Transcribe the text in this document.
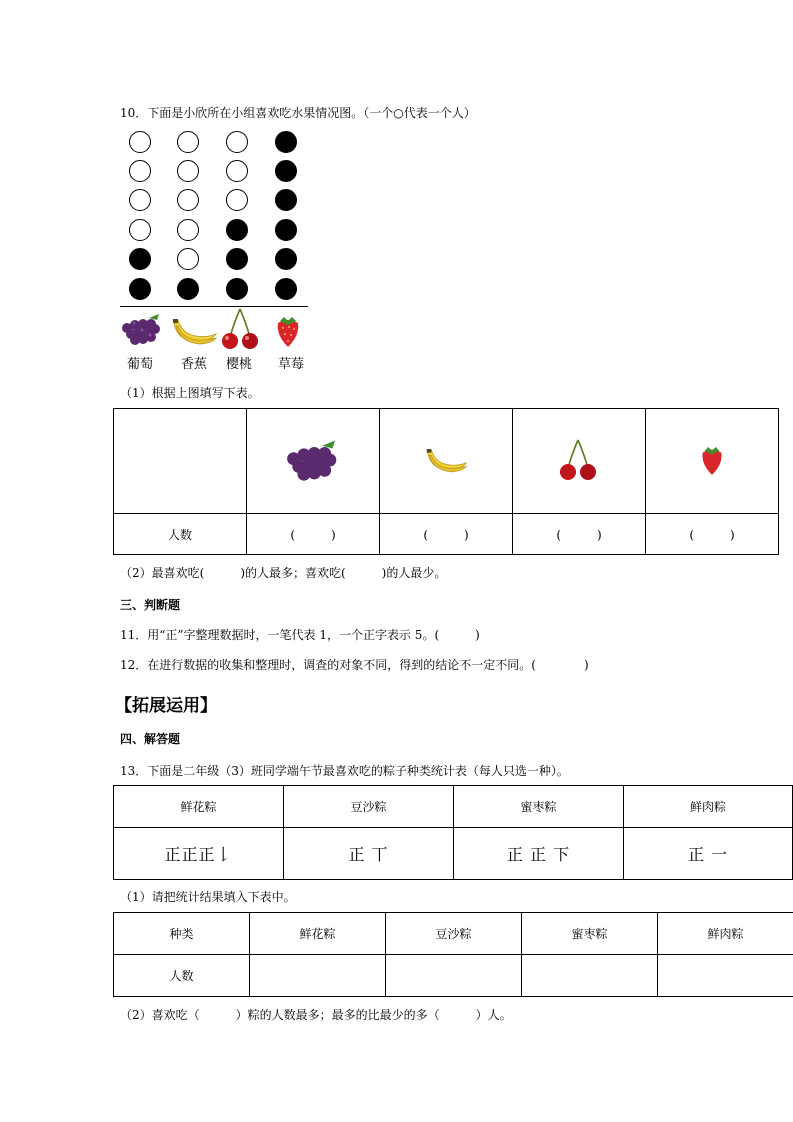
10．下面是小欣所在小组喜欢吃水果情况图。（一个○代表一个人）
葡萄	香蕉	樱桃	草莓
（1）根据上图填写下表。

人数	(　　　)	(　　　)	(　　　)	(　　　)
（2）最喜欢吃(　　　)的人最多；喜欢吃(　　　)的人最少。
三、判断题
11．用“正”字整理数据时，一笔代表 1，一个正字表示 5。(　　　)
12．在进行数据的收集和整理时，调查的对象不同，得到的结论不一定不同。(　　　　)
【拓展运用】
四、解答题
13．下面是二年级（3）班同学端午节最喜欢吃的粽子种类统计表（每人只选一种）。
鲜花粽	豆沙粽	蜜枣粽	鲜肉粽
正正正𠄌	正 丅	正 正 下	正 ⼀
（1）请把统计结果填入下表中。
种类	鲜花粽	豆沙粽	蜜枣粽	鲜肉粽
人数				
（2）喜欢吃（　　　）粽的人数最多；最多的比最少的多（　　　）人。
